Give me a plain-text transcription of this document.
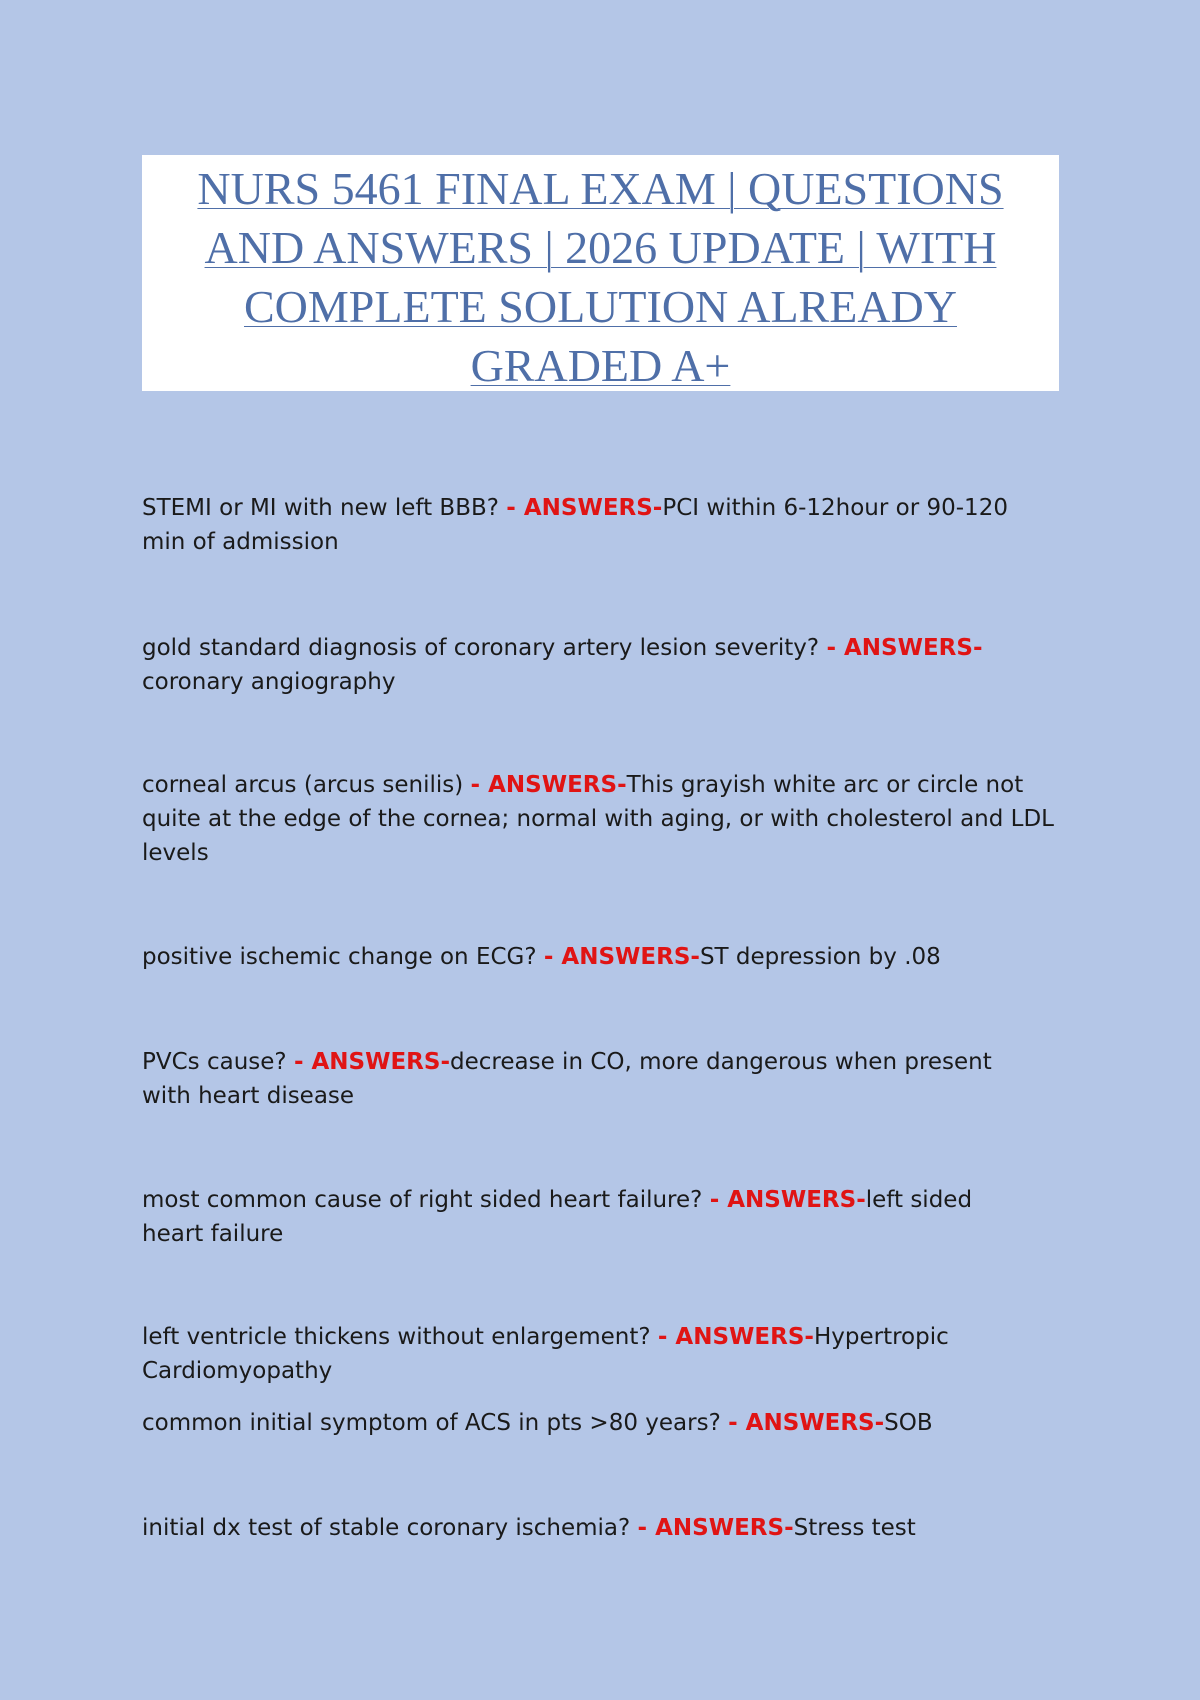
NURS 5461 FINAL EXAM | QUESTIONS
AND ANSWERS | 2026 UPDATE | WITH
COMPLETE SOLUTION ALREADY
GRADED A+

STEMI or MI with new left BBB? - ANSWERS-PCI within 6-12hour or 90-120
min of admission

gold standard diagnosis of coronary artery lesion severity? - ANSWERS-
coronary angiography

corneal arcus (arcus senilis) - ANSWERS-This grayish white arc or circle not
quite at the edge of the cornea; normal with aging, or with cholesterol and LDL levels

positive ischemic change on ECG? - ANSWERS-ST depression by .08

PVCs cause? - ANSWERS-decrease in CO, more dangerous when present
with heart disease

most common cause of right sided heart failure? - ANSWERS-left sided
heart failure

left ventricle thickens without enlargement? - ANSWERS-Hypertropic
Cardiomyopathy

common initial symptom of ACS in pts >80 years? - ANSWERS-SOB

initial dx test of stable coronary ischemia? - ANSWERS-Stress test
